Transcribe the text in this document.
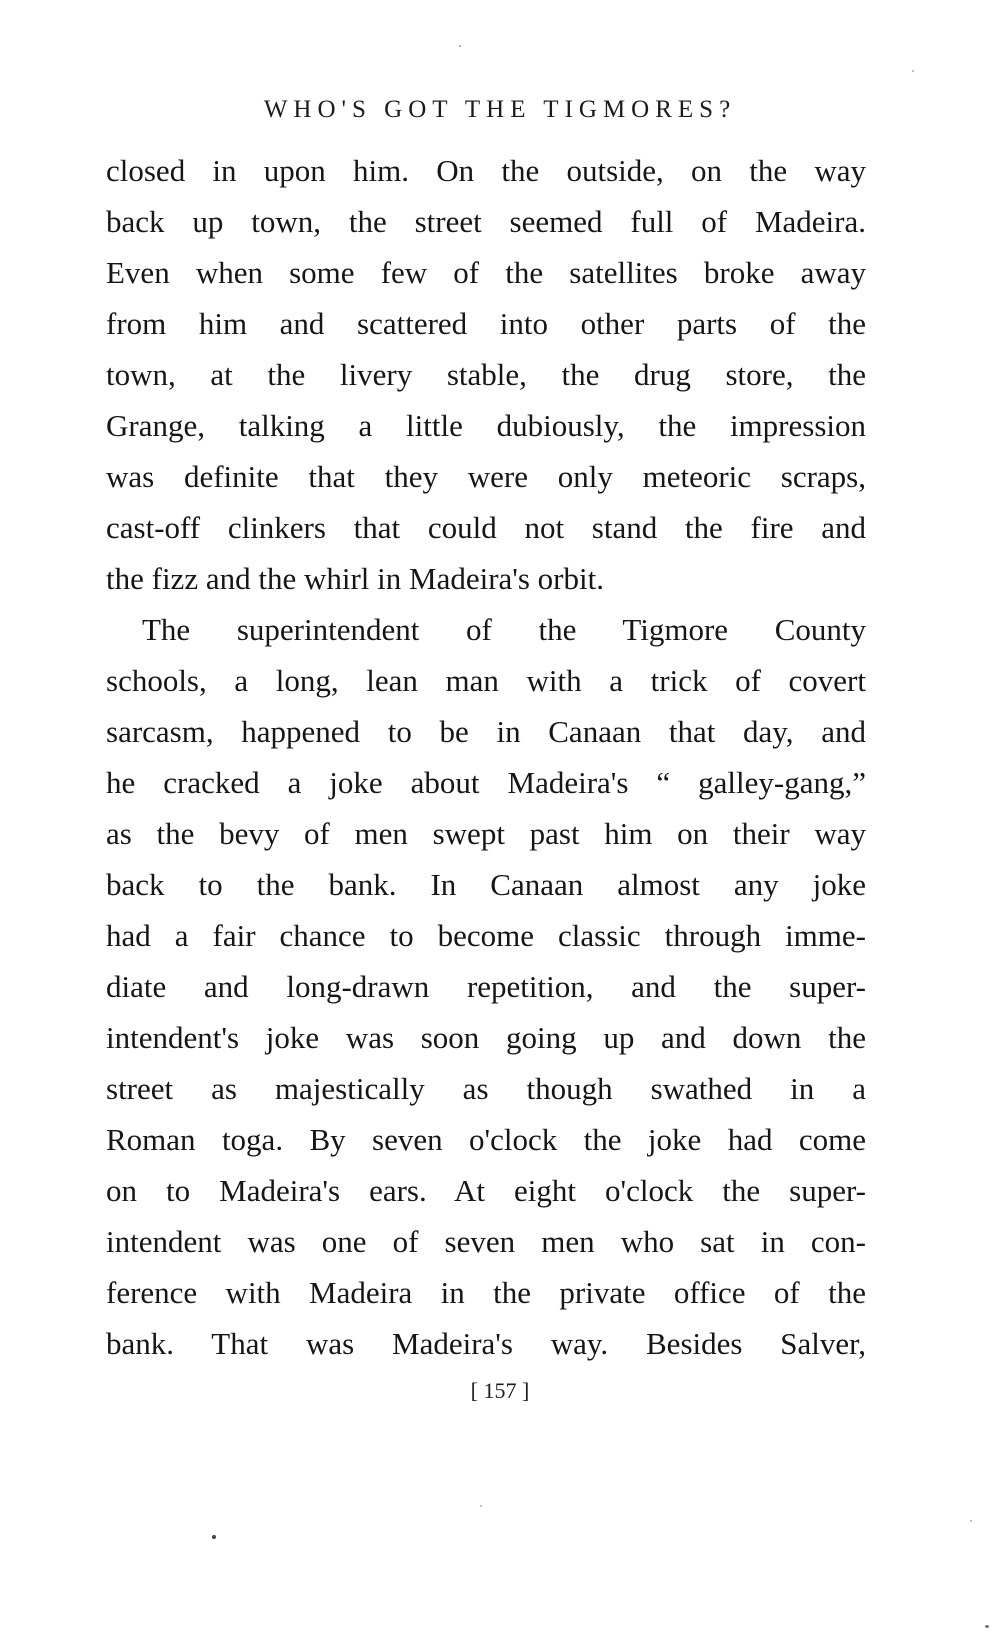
WHO'S GOT THE TIGMORES?
closed in upon him. On the outside, on the way
back up town, the street seemed full of Madeira.
Even when some few of the satellites broke away
from him and scattered into other parts of the
town, at the livery stable, the drug store, the
Grange, talking a little dubiously, the impression
was definite that they were only meteoric scraps,
cast-off clinkers that could not stand the fire and
the fizz and the whirl in Madeira's orbit.
The superintendent of the Tigmore County
schools, a long, lean man with a trick of covert
sarcasm, happened to be in Canaan that day, and
he cracked a joke about Madeira's “ galley-gang,”
as the bevy of men swept past him on their way
back to the bank. In Canaan almost any joke
had a fair chance to become classic through imme-
diate and long-drawn repetition, and the super-
intendent's joke was soon going up and down the
street as majestically as though swathed in a
Roman toga. By seven o'clock the joke had come
on to Madeira's ears. At eight o'clock the super-
intendent was one of seven men who sat in con-
ference with Madeira in the private office of the
bank. That was Madeira's way. Besides Salver,
[ 157 ]
